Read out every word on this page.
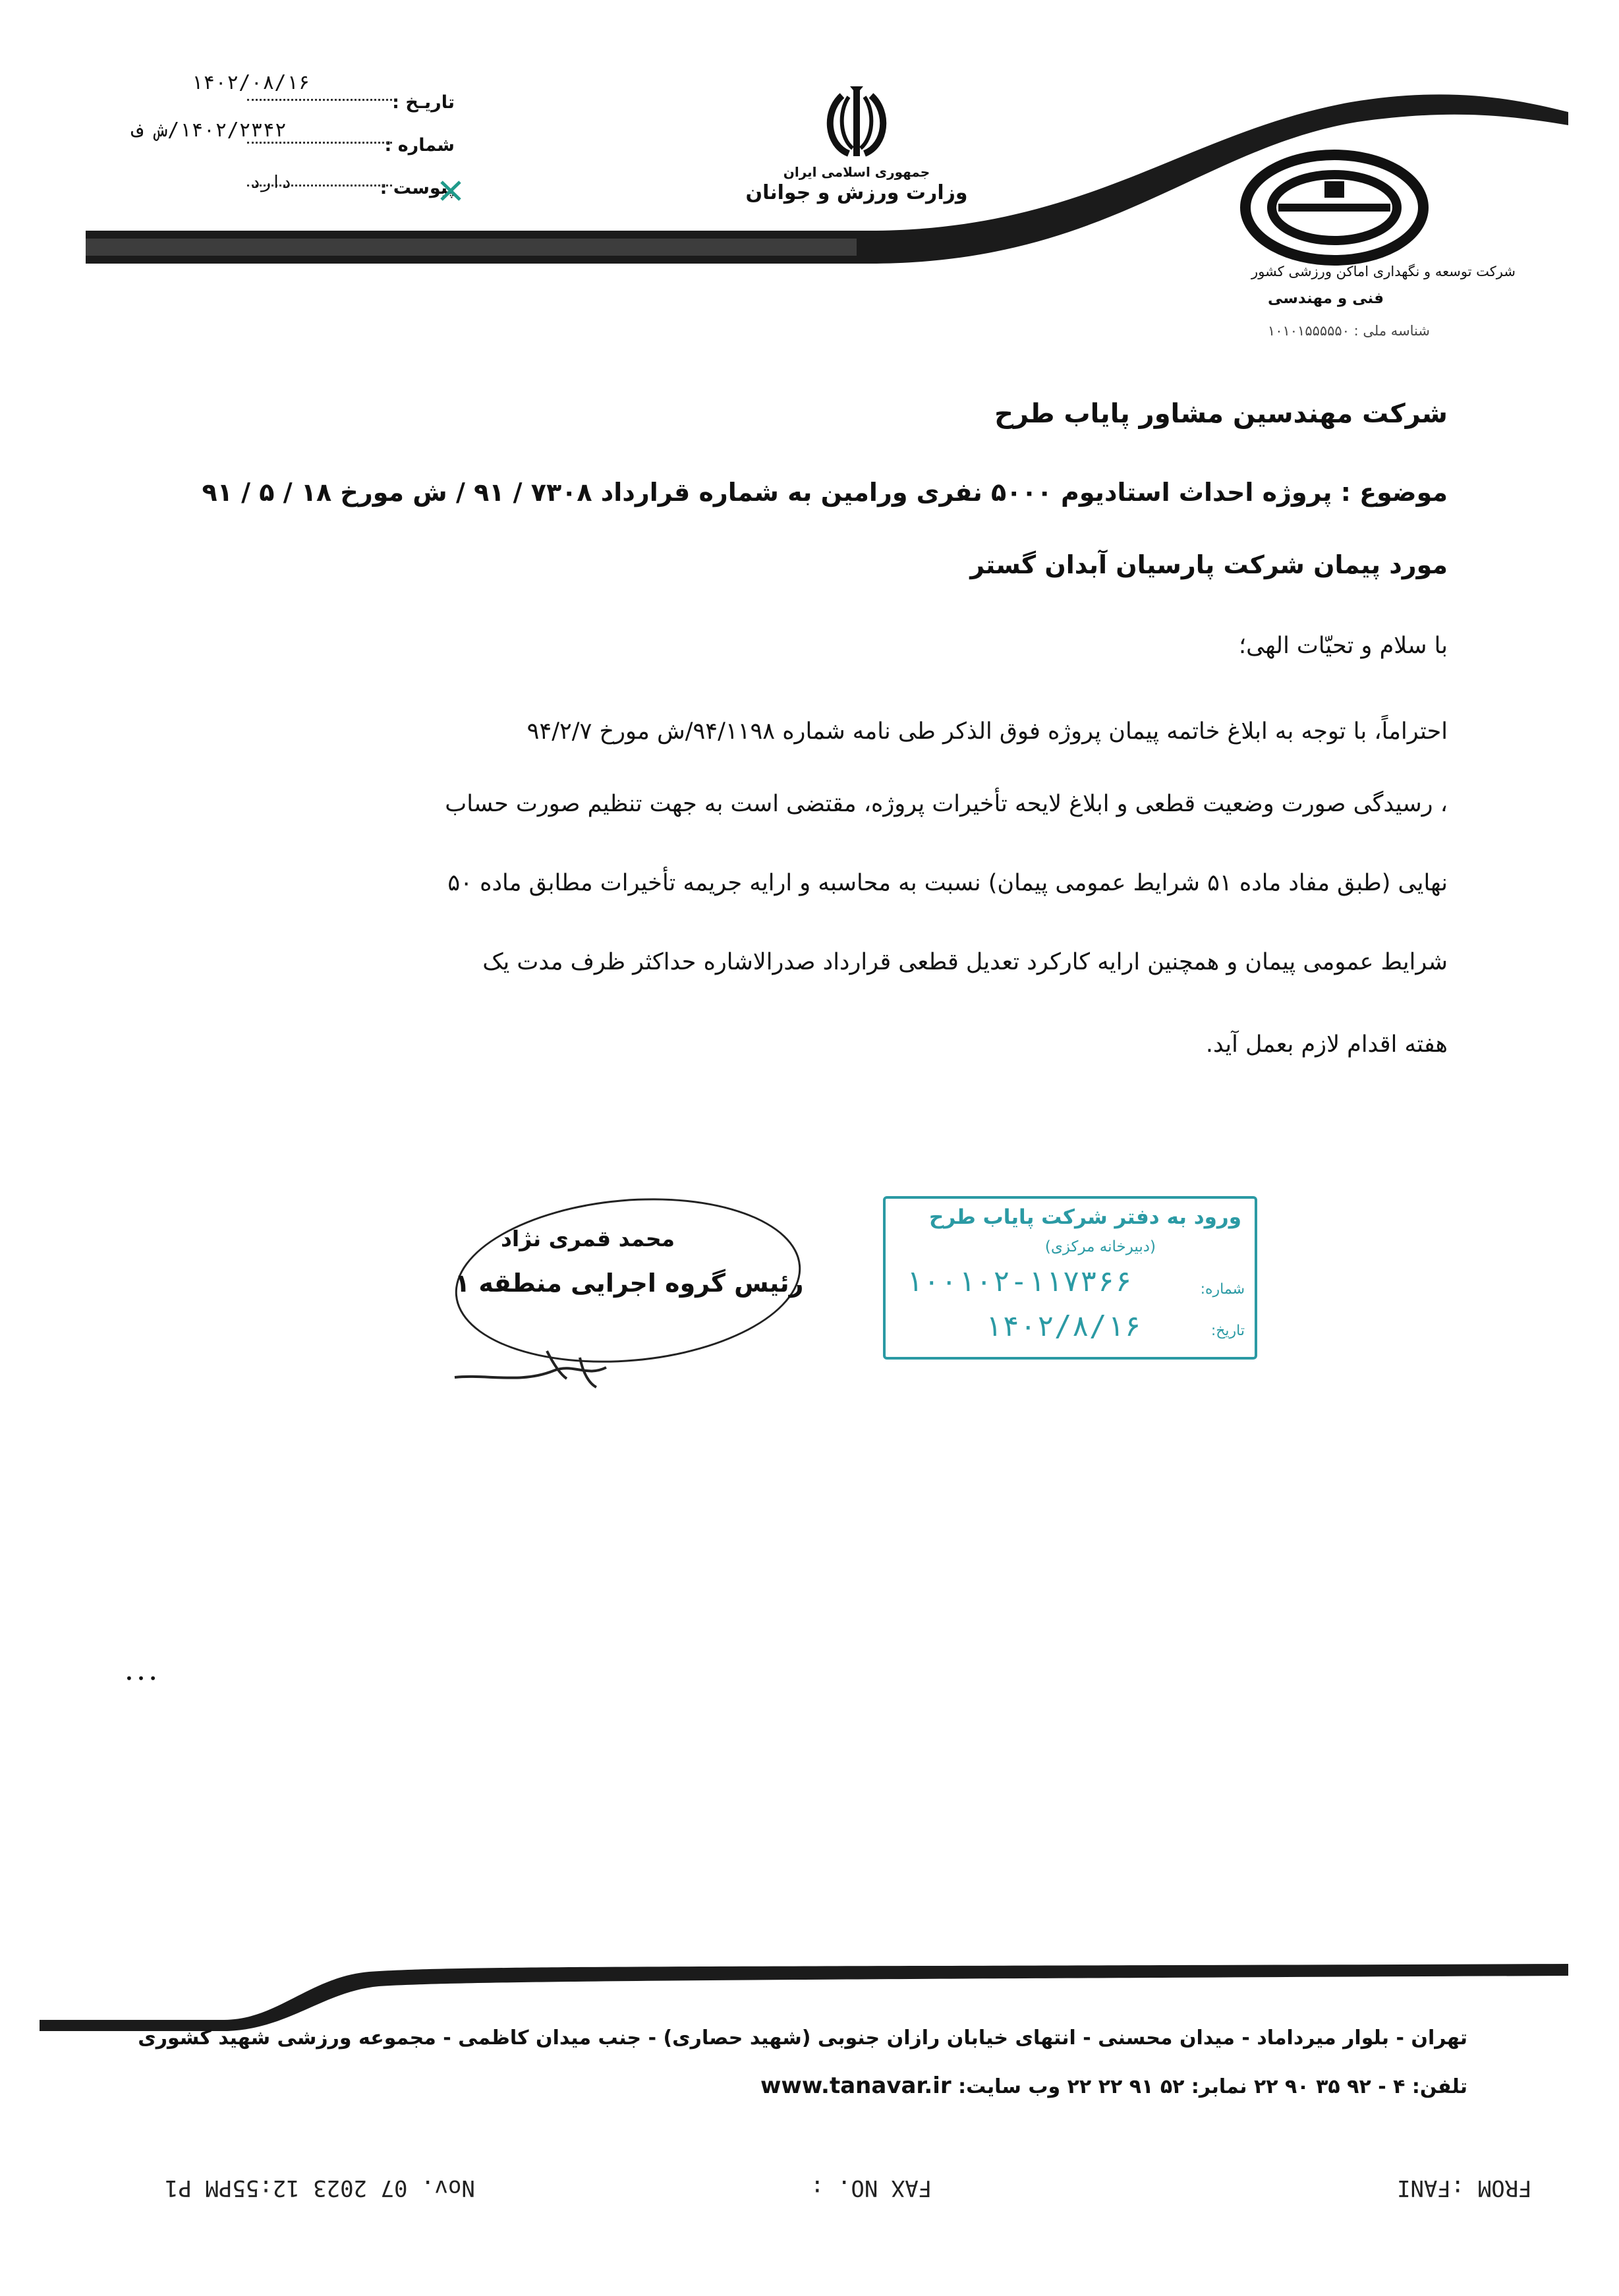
تاریـخ :
۱۴۰۲/۰۸/۱۶
شماره :
۱۴۰۲/۲۳۴۲/ش ف
پیوست :
دارد
جمهوری اسلامی ایران
وزارت ورزش و جوانان
شرکت توسعه و نگهداری اماکن ورزشی کشور
فنی و مهندسی
شناسه ملی : ۱۰۱۰۱۵۵۵۵۵۰
شرکت مهندسین مشاور پایاب طرح
موضوع : پروژه احداث استادیوم ۵۰۰۰ نفری ورامین به شماره قرارداد ۷۳۰۸ / ۹۱ / ش مورخ ۱۸ / ۵ / ۹۱
مورد پیمان شرکت پارسیان آبدان گستر
با سلام و تحیّات الهی؛
احتراماً، با توجه به ابلاغ خاتمه پیمان پروژه فوق الذکر طی نامه شماره ۹۴/۱۱۹۸/ش مورخ ۹۴/۲/۷
، رسیدگی صورت وضعیت قطعی و ابلاغ لایحه تأخیرات پروژه، مقتضی است به جهت تنظیم صورت حساب
نهایی (طبق مفاد ماده ۵۱ شرایط عمومی پیمان) نسبت به محاسبه و ارایه جریمه تأخیرات مطابق ماده ۵۰
شرایط عمومی پیمان و همچنین ارایه کارکرد تعدیل قطعی قرارداد صدرالاشاره حداکثر ظرف مدت یک
هفته اقدام لازم بعمل آید.
محمد قمری نژاد
رئیس گروه اجرایی منطقه ۱
ورود به دفتر شرکت پایاب طرح
(دبیرخانه مرکزی)
شماره:
۱۰۰۱۰۲-۱۱۷۳۶۶
تاریخ:
۱۴۰۲/۸/۱۶
• • •
تهران - بلوار میرداماد - میدان محسنی - انتهای خیابان رازان جنوبی (شهید حصاری) - جنب میدان کاظمی - مجموعه ورزشی شهید کشوری
تلفن: ۴ - ۹۲ ۳۵ ۹۰ ۲۲ نمابر: ۵۲ ۹۱ ۲۲ ۲۲ وب سایت: www.tanavar.ir
FROM :FANI
FAX NO. :
Nov. 07 2023 12:55PM P1
